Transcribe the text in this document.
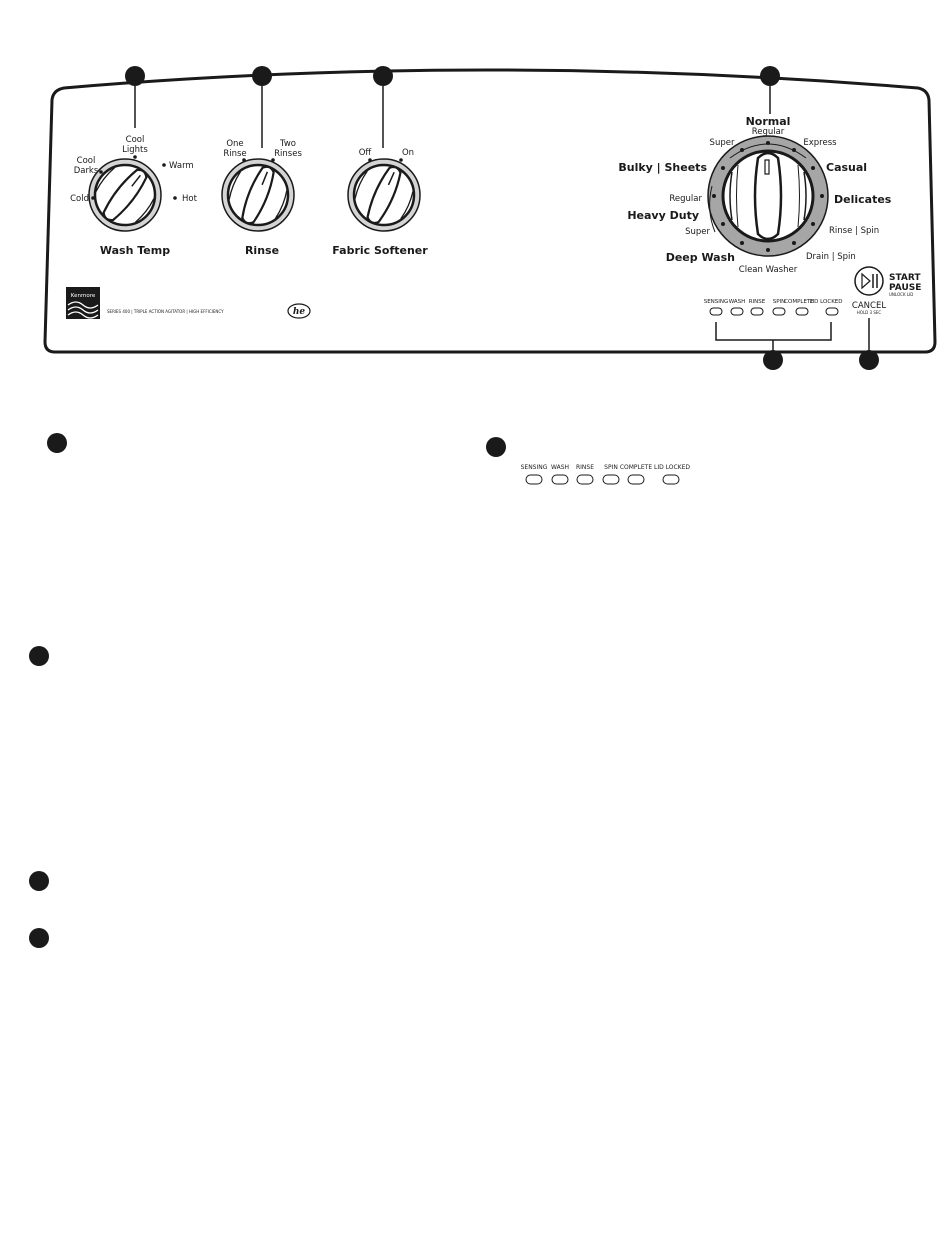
Cold
Cool
Darks
Cool
Lights
Warm
Hot
Wash Temp
One
Rinse
Two
Rinses
Rinse
Off	On
Fabric Softener
Normal
Regular
Super	Express
Bulky | Sheets	Casual
Regular	Delicates
Heavy Duty
Super	Rinse | Spin
Deep Wash	Drain | Spin
Clean Washer
Kenmore
SERIES 400 | TRIPLE ACTION AGITATOR | HIGH EFFICIENCY	he
SENSING WASH RINSE SPIN
COMPLETE
LID LOCKED
START
PAUSE
UNLOCK LID
CANCEL
HOLD 3 SEC
SENSING WASH RINSE SPIN COMPLETE LID LOCKED
